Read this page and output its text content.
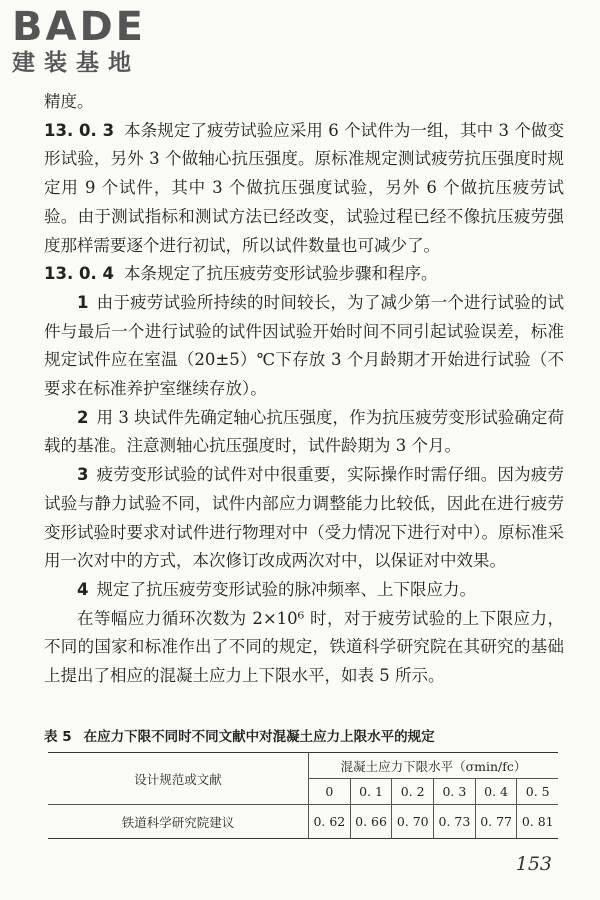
BADE
建装基地

精度。

13. 0. 3 本条规定了疲劳试验应采用 6 个试件为一组，其中 3 个做变形试验，另外 3 个做轴心抗压强度。原标准规定测试疲劳抗压强度时规定用 9 个试件，其中 3 个做抗压强度试验，另外 6 个做抗压疲劳试验。由于测试指标和测试方法已经改变，试验过程已经不像抗压疲劳强度那样需要逐个进行初试，所以试件数量也可减少了。

13. 0. 4 本条规定了抗压疲劳变形试验步骤和程序。

1 由于疲劳试验所持续的时间较长，为了减少第一个进行试验的试件与最后一个进行试验的试件因试验开始时间不同引起试验误差，标准规定试件应在室温（20±5）℃下存放 3 个月龄期才开始进行试验（不要求在标准养护室继续存放）。

2 用 3 块试件先确定轴心抗压强度，作为抗压疲劳变形试验确定荷载的基准。注意测轴心抗压强度时，试件龄期为 3 个月。

3 疲劳变形试验的试件对中很重要，实际操作时需仔细。因为疲劳试验与静力试验不同，试件内部应力调整能力比较低，因此在进行疲劳变形试验时要求对试件进行物理对中（受力情况下进行对中）。原标准采用一次对中的方式，本次修订改成两次对中，以保证对中效果。

4 规定了抗压疲劳变形试验的脉冲频率、上下限应力。

在等幅应力循环次数为 2×10⁶ 时，对于疲劳试验的上下限应力，不同的国家和标准作出了不同的规定，铁道科学研究院在其研究的基础上提出了相应的混凝土应力上下限水平，如表 5 所示。

表 5 在应力下限不同时不同文献中对混凝土应力上限水平的规定
设计规范或文献	混凝土应力下限水平（σmin/fc）					
	0	0. 1	0. 2	0. 3	0. 4	0. 5
铁道科学研究院建议	0. 62	0. 66	0. 70	0. 73	0. 77	0. 81
153
